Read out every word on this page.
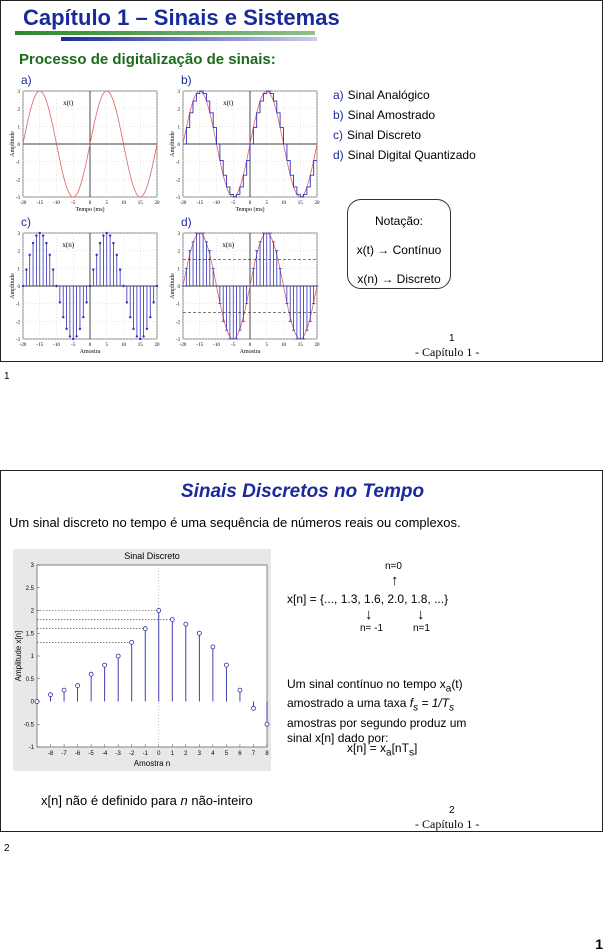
Capítulo 1 – Sinais e Sistemas
Processo de digitalização de sinais:
a)	b)
c)	d)
-20 -15 -10 -5	0	5	10 15 20
3
2
1
0
-1
-2
-3
Tempo (ms)
Amplitude
x(t)
-20 -15 -10 -5	0	5	10 15 20
3
2
1
0
-1
-2
-3
Tempo (ms)
Amplitude
x(t)
-20 -15 -10 -5	0	5	10 15 20
3
2
1
0
-1
-2
-3
Amostra
Amplitude
x(n)
-20 -15 -10 -5	0	5	10 15 20
3
2
1
0
-1
-2
-3
Amostra
Amplitude
x(n)
a) Sinal Analógico
b) Sinal Amostrado
c) Sinal Discreto
d) Sinal Digital Quantizado
Notação:
x(t) → Contínuo
x(n) → Discreto
1
- Capítulo 1 -
1
Sinais Discretos no Tempo
Um sinal discreto no tempo é uma sequência de números reais ou complexos.
Sinal Discreto
3
2.5
2
1.5
1
0.5
0
-0.5
-1
-8 -7 -6 -5 -4 -3 -2 -1 0 1 2 3 4 5 6 7 8
Amostra n
Amplitude x[n]
n=0
↑
x[n] = {..., 1.3, 1.6, 2.0, 1.8, ...}
↓	↓
n= -1	n=1
Um sinal contínuo no tempo $x_a(t)$ amostrado a uma taxa $f_s = 1/T_s$ amostras por segundo produz um sinal x[n] dado por:
$x[n] = x_a[nT_s]$
x[n] não é definido para n não-inteiro
2
- Capítulo 1 -
2
1
